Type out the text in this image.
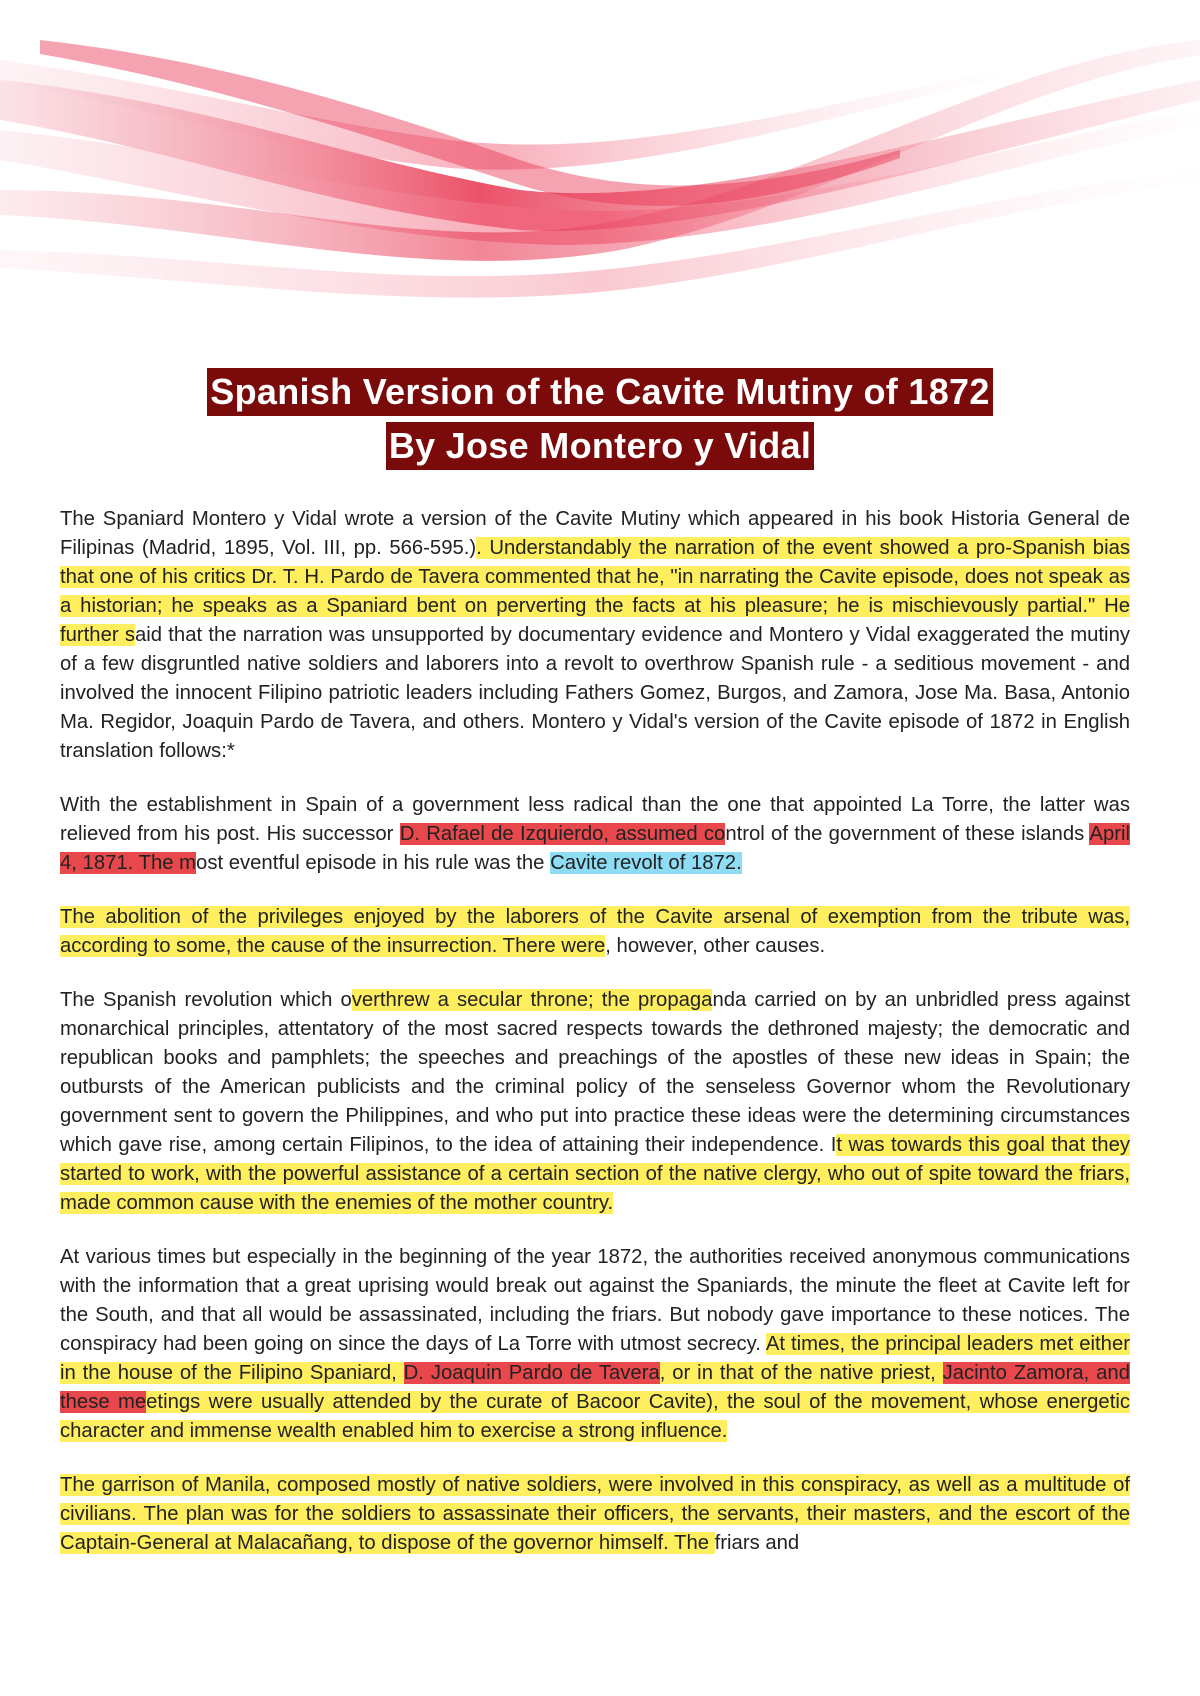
Spanish Version of the Cavite Mutiny of 1872
By Jose Montero y Vidal

The Spaniard Montero y Vidal wrote a version of the Cavite Mutiny which appeared in his book Historia General de Filipinas (Madrid, 1895, Vol. III, pp. 566-595.). Understandably the narration of the event showed a pro-Spanish bias that one of his critics Dr. T. H. Pardo de Tavera commented that he, "in narrating the Cavite episode, does not speak as a historian; he speaks as a Spaniard bent on perverting the facts at his pleasure; he is mischievously partial." He further said that the narration was unsupported by documentary evidence and Montero y Vidal exaggerated the mutiny of a few disgruntled native soldiers and laborers into a revolt to overthrow Spanish rule - a seditious movement - and involved the innocent Filipino patriotic leaders including Fathers Gomez, Burgos, and Zamora, Jose Ma. Basa, Antonio Ma. Regidor, Joaquin Pardo de Tavera, and others. Montero y Vidal's version of the Cavite episode of 1872 in English translation follows:*

With the establishment in Spain of a government less radical than the one that appointed La Torre, the latter was relieved from his post. His successor D. Rafael de Izquierdo, assumed control of the government of these islands April 4, 1871. The most eventful episode in his rule was the Cavite revolt of 1872.

The abolition of the privileges enjoyed by the laborers of the Cavite arsenal of exemption from the tribute was, according to some, the cause of the insurrection. There were, however, other causes.

The Spanish revolution which overthrew a secular throne; the propaganda carried on by an unbridled press against monarchical principles, attentatory of the most sacred respects towards the dethroned majesty; the democratic and republican books and pamphlets; the speeches and preachings of the apostles of these new ideas in Spain; the outbursts of the American publicists and the criminal policy of the senseless Governor whom the Revolutionary government sent to govern the Philippines, and who put into practice these ideas were the determining circumstances which gave rise, among certain Filipinos, to the idea of attaining their independence. It was towards this goal that they started to work, with the powerful assistance of a certain section of the native clergy, who out of spite toward the friars, made common cause with the enemies of the mother country.

At various times but especially in the beginning of the year 1872, the authorities received anonymous communications with the information that a great uprising would break out against the Spaniards, the minute the fleet at Cavite left for the South, and that all would be assassinated, including the friars. But nobody gave importance to these notices. The conspiracy had been going on since the days of La Torre with utmost secrecy. At times, the principal leaders met either in the house of the Filipino Spaniard, D. Joaquin Pardo de Tavera, or in that of the native priest, Jacinto Zamora, and these meetings were usually attended by the curate of Bacoor Cavite), the soul of the movement, whose energetic character and immense wealth enabled him to exercise a strong influence.

The garrison of Manila, composed mostly of native soldiers, were involved in this conspiracy, as well as a multitude of civilians. The plan was for the soldiers to assassinate their officers, the servants, their masters, and the escort of the Captain-General at Malacañang, to dispose of the governor himself. The friars and
